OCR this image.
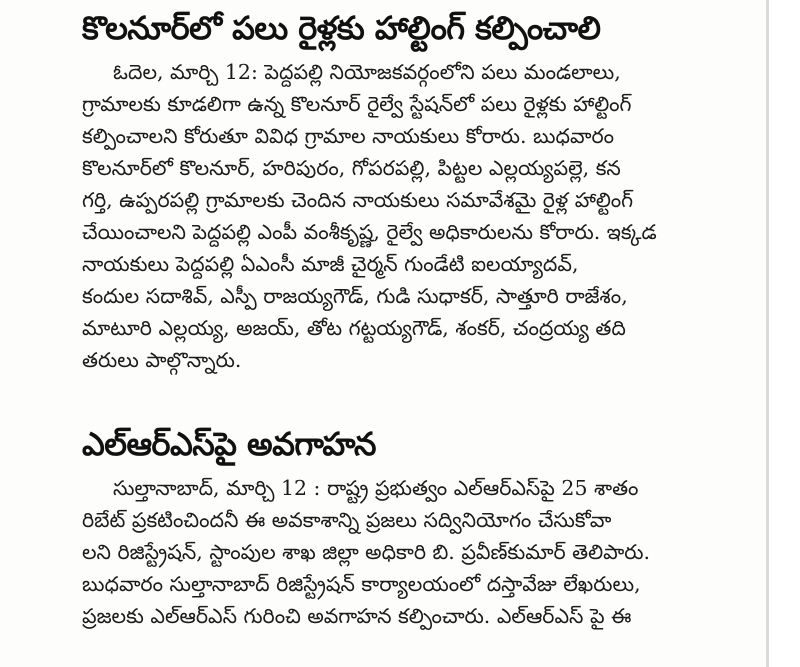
కొలనూర్‌లో పలు రైళ్లకు హాల్టింగ్ కల్పించాలి
ఓదెల, మార్చి 12: పెద్దపల్లి నియోజకవర్గంలోని పలు మండలాలు,
గ్రామాలకు కూడలిగా ఉన్న కొలనూర్ రైల్వే స్టేషన్‌లో పలు రైళ్లకు హాల్టింగ్
కల్పించాలని కోరుతూ వివిధ గ్రామాల నాయకులు కోరారు. బుధవారం
కొలనూర్‌లో కొలనూర్, హరిపురం, గోపరపల్లి, పిట్టల ఎల్లయ్యపల్లె, కన
గర్తి, ఉప్పరపల్లి గ్రామాలకు చెందిన నాయకులు సమావేశమై రైళ్ల హాల్టింగ్
చేయించాలని పెద్దపల్లి ఎంపీ వంశీకృష్ణ, రైల్వే అధికారులను కోరారు. ఇక్కడ
నాయకులు పెద్దపల్లి ఏఎంసీ మాజీ చైర్మన్ గుండేటి ఐలయ్యాదవ్,
కందుల సదాశివ్, ఎస్పీ రాజయ్యగౌడ్, గుడి సుధాకర్, సాత్తూరి రాజేశం,
మాటూరి ఎల్లయ్య, అజయ్, తోట గట్టయ్యగౌడ్, శంకర్, చంద్రయ్య తది
తరులు పాల్గొన్నారు.
ఎల్ఆర్ఎస్‌పై అవగాహన
సుల్తానాబాద్, మార్చి 12 : రాష్ట్ర ప్రభుత్వం ఎల్ఆర్ఎస్‌పై 25 శాతం
రిబేట్ ప్రకటించిందనీ ఈ అవకాశాన్ని ప్రజలు సద్వినియోగం చేసుకోవా
లని రిజిస్ట్రేషన్, స్టాంపుల శాఖ జిల్లా అధికారి బి. ప్రవీణ్‌కుమార్ తెలిపారు.
బుధవారం సుల్తానాబాద్ రిజిస్ట్రేషన్ కార్యాలయంలో దస్తావేజు లేఖరులు,
ప్రజలకు ఎల్ఆర్ఎస్ గురించి అవగాహన కల్పించారు. ఎల్ఆర్ఎస్ పై ఈ
